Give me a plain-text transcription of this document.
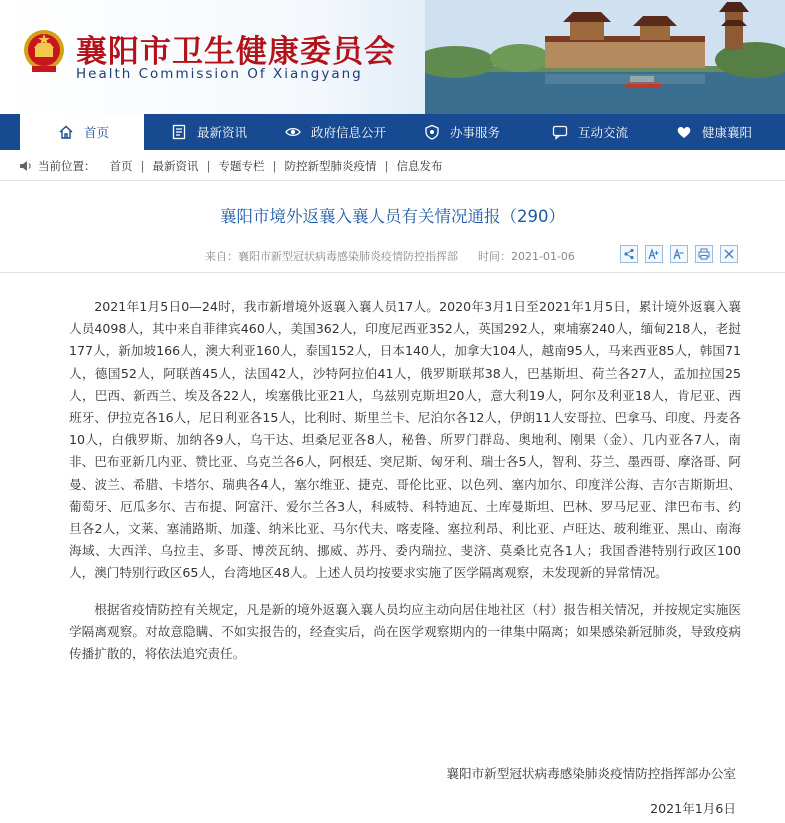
襄阳市卫生健康委员会
Health Commission Of Xiangyang
首页	最新资讯	政府信息公开	办事服务	互动交流	健康襄阳
当前位置： 首页 | 最新资讯 | 专题专栏 | 防控新型肺炎疫情 | 信息发布
襄阳市境外返襄入襄人员有关情况通报（290）
来自：襄阳市新型冠状病毒感染肺炎疫情防控指挥部 时间：2021-01-06

2021年1月5日0—24时，我市新增境外返襄入襄人员17人。2020年3月1日至2021年1月5日，累计境外返襄入襄人员4098人，其中来自菲律宾460人，美国362人，印度尼西亚352人，英国292人，柬埔寨240人，缅甸218人，老挝177人，新加坡166人，澳大利亚160人，泰国152人，日本140人，加拿大104人，越南95人，马来西亚85人，韩国71人，德国52人，阿联酋45人，法国42人，沙特阿拉伯41人，俄罗斯联邦38人，巴基斯坦、荷兰各27人，孟加拉国25人，巴西、新西兰、埃及各22人，埃塞俄比亚21人，乌兹别克斯坦20人，意大利19人，阿尔及利亚18人，肯尼亚、西班牙、伊拉克各16人，尼日利亚各15人，比利时、斯里兰卡、尼泊尔各12人，伊朗11人安哥拉、巴拿马、印度、丹麦各10人，白俄罗斯、加纳各9人，乌干达、坦桑尼亚各8人，秘鲁、所罗门群岛、奥地利、刚果（金）、几内亚各7人，南非、巴布亚新几内亚、赞比亚、乌克兰各6人，阿根廷、突尼斯、匈牙利、瑞士各5人，智利、芬兰、墨西哥、摩洛哥、阿曼、波兰、希腊、卡塔尔、瑞典各4人，塞尔维亚、捷克、哥伦比亚、以色列、塞内加尔、印度洋公海、吉尔吉斯斯坦、葡萄牙、厄瓜多尔、吉布提、阿富汗、爱尔兰各3人，科威特、科特迪瓦、土库曼斯坦、巴林、罗马尼亚、津巴布韦、约旦各2人，文莱、塞浦路斯、加蓬、纳米比亚、马尔代夫、喀麦隆、塞拉利昂、利比亚、卢旺达、玻利维亚、黑山、南海海域、大西洋、乌拉圭、多哥、博茨瓦纳、挪威、苏丹、委内瑞拉、斐济、莫桑比克各1人；我国香港特别行政区100人，澳门特别行政区65人，台湾地区48人。上述人员均按要求实施了医学隔离观察，未发现新的异常情况。

根据省疫情防控有关规定，凡是新的境外返襄入襄人员均应主动向居住地社区（村）报告相关情况，并按规定实施医学隔离观察。对故意隐瞒、不如实报告的，经查实后，尚在医学观察期内的一律集中隔离；如果感染新冠肺炎，导致疫病传播扩散的，将依法追究责任。

襄阳市新型冠状病毒感染肺炎疫情防控指挥部办公室
2021年1月6日
